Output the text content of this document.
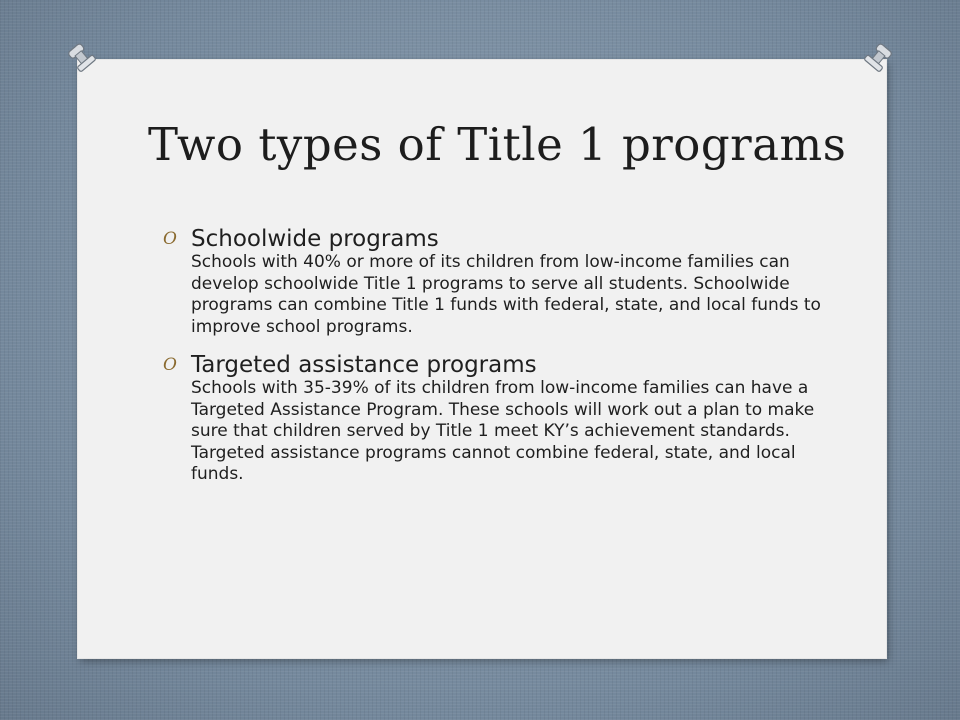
Two types of Title 1 programs
O Schoolwide programs

Schools with 40% or more of its children from low-income families can develop schoolwide Title 1 programs to serve all students. Schoolwide programs can combine Title 1 funds with federal, state, and local funds to improve school programs.

O Targeted assistance programs

Schools with 35-39% of its children from low-income families can have a Targeted Assistance Program. These schools will work out a plan to make sure that children served by Title 1 meet KY’s achievement standards. Targeted assistance programs cannot combine federal, state, and local funds.
